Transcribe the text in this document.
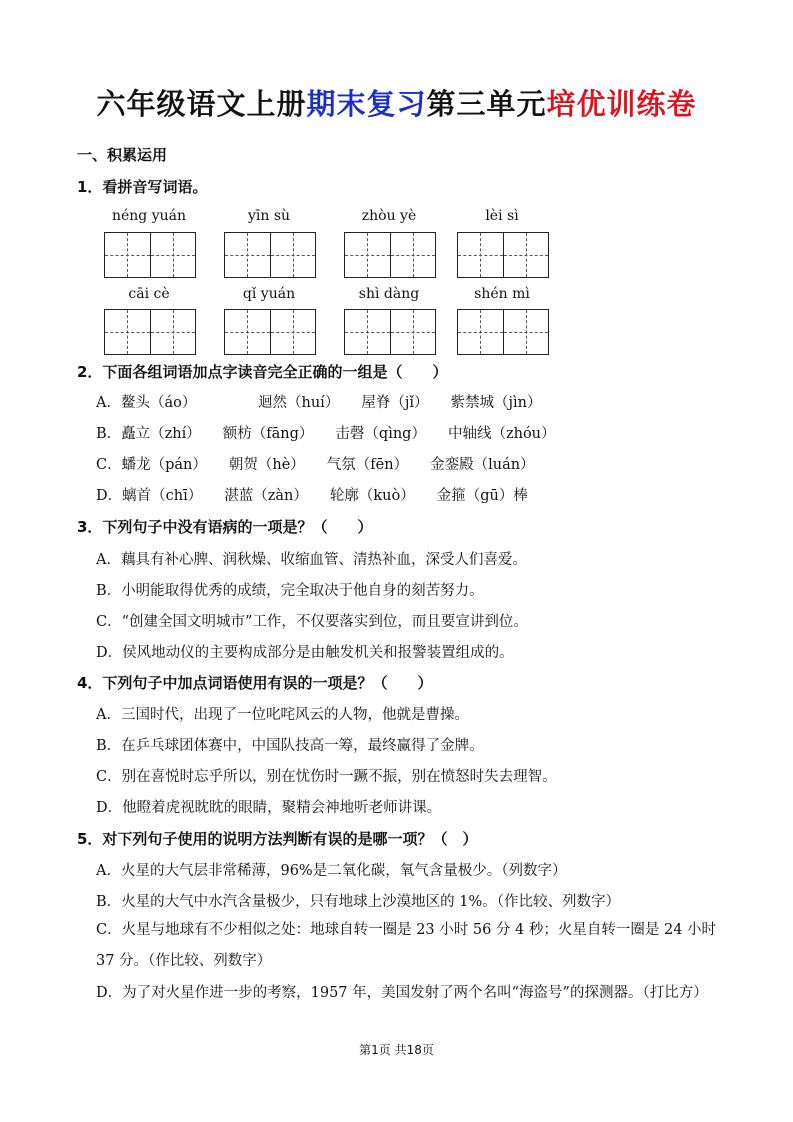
六年级语文上册期末复习第三单元培优训练卷
一、积累运用
1．看拼音写词语。
néng yuán	yīn sù	zhòu yè	lèi sì
cāi cè	qǐ yuán	shì dàng	shén mì
2．下面各组词语加点字读音完全正确的一组是（　　）
A．鳌头（áo）	迴然（huí） 屋脊（jǐ） 紫禁城（jìn）
B．矗立（zhí） 额枋（fāng） 击磬（qìng） 中轴线（zhóu）
C．蟠龙（pán） 朝贺（hè） 气氛（fēn） 金銮殿（luán）
D．螭首（chī） 湛蓝（zàn） 轮廓（kuò） 金箍（gū）棒
3．下列句子中没有语病的一项是？（　　）
A．藕具有补心脾、润秋燥、收缩血管、清热补血，深受人们喜爱。
B．小明能取得优秀的成绩，完全取决于他自身的刻苦努力。
C．“创建全国文明城市”工作，不仅要落实到位，而且要宣讲到位。
D．侯风地动仪的主要构成部分是由触发机关和报警装置组成的。
4．下列句子中加点词语使用有误的一项是？（　　）
A．三国时代，出现了一位叱咤风云的人物，他就是曹操。
B．在乒乓球团体赛中，中国队技高一筹，最终赢得了金牌。
C．别在喜悦时忘乎所以，别在忧伤时一蹶不振，别在愤怒时失去理智。
D．他瞪着虎视眈眈的眼睛，聚精会神地听老师讲课。
5．对下列句子使用的说明方法判断有误的是哪一项？（　）
A．火星的大气层非常稀薄，96%是二氧化碳，氧气含量极少。（列数字）
B．火星的大气中水汽含量极少，只有地球上沙漠地区的 1%。（作比较、列数字）
C．火星与地球有不少相似之处：地球自转一圈是 23 小时 56 分 4 秒；火星自转一圈是 24 小时 37 分。（作比较、列数字）
D．为了对火星作进一步的考察，1957 年，美国发射了两个名叫“海盗号”的探测器。（打比方）
第1页 共18页
